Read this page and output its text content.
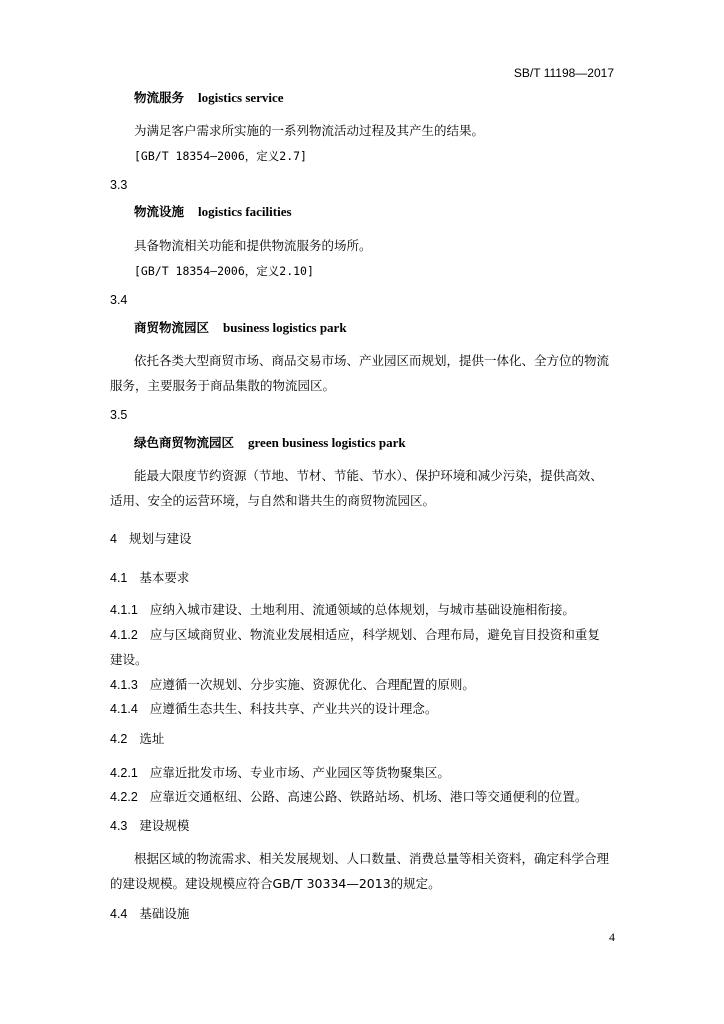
SB/T 11198—2017
物流服务 logistics service
为满足客户需求所实施的一系列物流活动过程及其产生的结果。
[GB/T 18354—2006，定义2.7]
3.3
物流设施 logistics facilities
具备物流相关功能和提供物流服务的场所。
[GB/T 18354—2006，定义2.10]
3.4
商贸物流园区 business logistics park
依托各类大型商贸市场、商品交易市场、产业园区而规划，提供一体化、全方位的物流
服务，主要服务于商品集散的物流园区。
3.5
绿色商贸物流园区 green business logistics park
能最大限度节约资源（节地、节材、节能、节水）、保护环境和减少污染，提供高效、
适用、安全的运营环境，与自然和谐共生的商贸物流园区。
4 规划与建设
4.1 基本要求
4.1.1 应纳入城市建设、土地利用、流通领域的总体规划，与城市基础设施相衔接。
4.1.2 应与区域商贸业、物流业发展相适应，科学规划、合理布局，避免盲目投资和重复
建设。
4.1.3 应遵循一次规划、分步实施、资源优化、合理配置的原则。
4.1.4 应遵循生态共生、科技共享、产业共兴的设计理念。
4.2 选址
4.2.1 应靠近批发市场、专业市场、产业园区等货物聚集区。
4.2.2 应靠近交通枢纽、公路、高速公路、铁路站场、机场、港口等交通便利的位置。
4.3 建设规模
根据区域的物流需求、相关发展规划、人口数量、消费总量等相关资料，确定科学合理
的建设规模。建设规模应符合GB/T 30334—2013的规定。
4.4 基础设施
4
